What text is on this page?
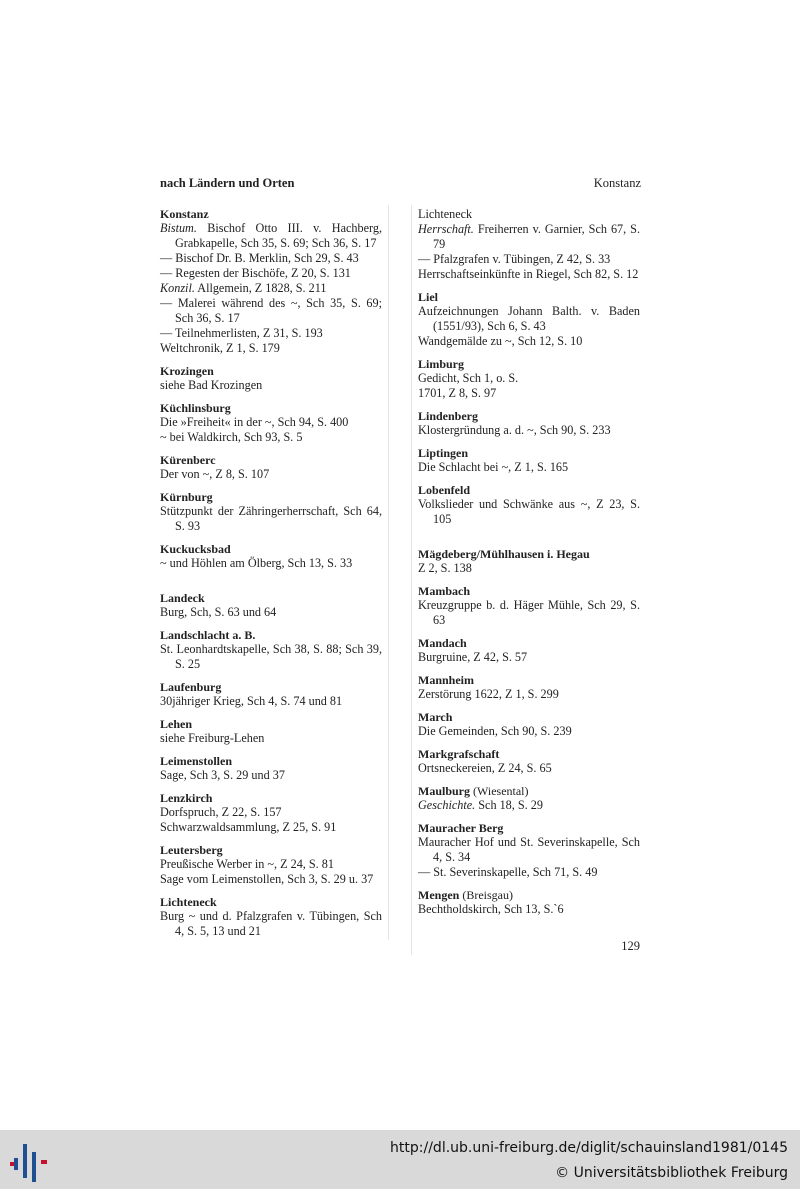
nach Ländern und Orten	Konstanz
Konstanz
Bistum. Bischof Otto III. v. Hachberg, Grabkapelle, Sch 35, S. 69; Sch 36, S. 17
— Bischof Dr. B. Merklin, Sch 29, S. 43
— Regesten der Bischöfe, Z 20, S. 131
Konzil. Allgemein, Z 1828, S. 211
— Malerei während des ~, Sch 35, S. 69; Sch 36, S. 17
— Teilnehmerlisten, Z 31, S. 193
Weltchronik, Z 1, S. 179
Krozingen
siehe Bad Krozingen
Küchlinsburg
Die »Freiheit« in der ~, Sch 94, S. 400
~ bei Waldkirch, Sch 93, S. 5
Kürenberc
Der von ~, Z 8, S. 107
Kürnburg
Stützpunkt der Zähringerherrschaft, Sch 64, S. 93
Kuckucksbad
~ und Höhlen am Ölberg, Sch 13, S. 33
Landeck
Burg, Sch, S. 63 und 64
Landschlacht a. B.
St. Leonhardtskapelle, Sch 38, S. 88; Sch 39, S. 25
Laufenburg
30jähriger Krieg, Sch 4, S. 74 und 81
Lehen
siehe Freiburg-Lehen
Leimenstollen
Sage, Sch 3, S. 29 und 37
Lenzkirch
Dorfspruch, Z 22, S. 157
Schwarzwaldsammlung, Z 25, S. 91
Leutersberg
Preußische Werber in ~, Z 24, S. 81
Sage vom Leimenstollen, Sch 3, S. 29 u. 37
Lichteneck
Burg ~ und d. Pfalzgrafen v. Tübingen, Sch 4, S. 5, 13 und 21
Lichteneck
Herrschaft. Freiherren v. Garnier, Sch 67, S. 79
— Pfalzgrafen v. Tübingen, Z 42, S. 33
Herrschaftseinkünfte in Riegel, Sch 82, S. 12
Liel
Aufzeichnungen Johann Balth. v. Baden (1551/93), Sch 6, S. 43
Wandgemälde zu ~, Sch 12, S. 10
Limburg
Gedicht, Sch 1, o. S.
1701, Z 8, S. 97
Lindenberg
Klostergründung a. d. ~, Sch 90, S. 233
Liptingen
Die Schlacht bei ~, Z 1, S. 165
Lobenfeld
Volkslieder und Schwänke aus ~, Z 23, S. 105
Mägdeberg/Mühlhausen i. Hegau
Z 2, S. 138
Mambach
Kreuzgruppe b. d. Häger Mühle, Sch 29, S. 63
Mandach
Burgruine, Z 42, S. 57
Mannheim
Zerstörung 1622, Z 1, S. 299
March
Die Gemeinden, Sch 90, S. 239
Markgrafschaft
Ortsneckereien, Z 24, S. 65
Maulburg (Wiesental)
Geschichte. Sch 18, S. 29
Mauracher Berg
Mauracher Hof und St. Severinskapelle, Sch 4, S. 34
— St. Severinskapelle, Sch 71, S. 49
Mengen (Breisgau)
Bechtholdskirch, Sch 13, S.`6
129
http://dl.ub.uni-freiburg.de/diglit/schauinsland1981/0145
© Universitätsbibliothek Freiburg
